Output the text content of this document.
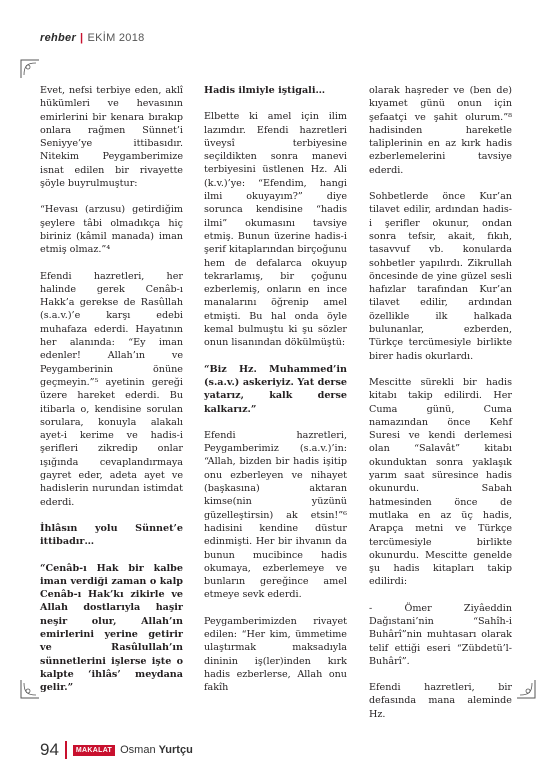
rehber | EKİM 2018

Evet, nefsi terbiye eden, aklî hükümleri ve hevasının emirlerini bir kenara bırakıp onlara rağmen Sünnet’i Seniyye’ye ittibasıdır. Nitekim Peygamberimize isnat edilen bir rivayette şöyle buyrulmuştur:

“Hevası (arzusu) getirdiğim şeylere tâbi olmadıkça hiç biriniz (kâmil manada) iman etmiş olmaz.”⁴

Efendi hazretleri, her halinde gerek Cenâb-ı Hakk’a gerekse de Rasûllah (s.a.v.)’e karşı edebi muhafaza ederdi. Hayatının her alanında: “Ey iman edenler! Allah’ın ve Peygamberinin önüne geçmeyin.”⁵ ayetinin gereği üzere hareket ederdi. Bu itibarla o, kendisine sorulan sorulara, konuyla alakalı ayet-i kerime ve hadis-i şerifleri zikredip onlar ışığında cevaplandırmaya gayret eder, adeta ayet ve hadislerin nurundan istimdat ederdi.

İhlâsın yolu Sünnet’e ittibadır…

“Cenâb-ı Hak bir kalbe iman verdiği zaman o kalp Cenâb-ı Hak’kı zikirle ve Allah dostlarıyla haşir neşir olur, Allah’ın emirlerini yerine getirir ve Rasûlullah’ın sünnetlerini işlerse işte o kalpte ‘ihlâs’ meydana gelir.”

Hadis ilmiyle iştigali…

Elbette ki amel için ilim lazımdır. Efendi hazretleri üveysî terbiyesine seçildikten sonra manevi terbiyesini üstlenen Hz. Ali (k.v.)’ye: “Efendim, hangi ilmi okuyayım?” diye sorunca kendisine “hadis ilmi” okumasını tavsiye etmiş. Bunun üzerine hadis-i şerif kitaplarından birçoğunu hem de defalarca okuyup tekrarlamış, bir çoğunu ezberlemiş, onların en ince manalarını öğrenip amel etmişti. Bu hal onda öyle kemal bulmuştu ki şu sözler onun lisanından dökülmüştü:

“Biz Hz. Muhammed’in (s.a.v.) askeriyiz. Yat derse yatarız, kalk derse kalkarız.”

Efendi hazretleri, Peygamberimiz (s.a.v.)’in: “Allah, bizden bir hadis işitip onu ezberleyen ve nihayet (başkasına) aktaran kimse(nin yüzünü güzelleştirsin) ak etsin!”⁶ hadisini kendine düstur edinmişti. Her bir ihvanın da bunun mucibince hadis okumaya, ezberlemeye ve bunların gereğince amel etmeye sevk ederdi.

Peygamberimizden rivayet edilen: “Her kim, ümmetime ulaştırmak maksadıyla dininin iş(ler)inden kırk hadis ezberlerse, Allah onu fakîh

olarak haşreder ve (ben de) kıyamet günü onun için şefaatçi ve şahit olurum.”⁸ hadisinden hareketle taliplerinin en az kırk hadis ezberlemelerini tavsiye ederdi.

Sohbetlerde önce Kur’an tilavet edilir, ardından hadis-i şerifler okunur, ondan sonra tefsir, akait, fıkıh, tasavvuf vb. konularda sohbetler yapılırdı. Zikrullah öncesinde de yine güzel sesli hafızlar tarafından Kur’an tilavet edilir, ardından özellikle ilk halkada bulunanlar, ezberden, Türkçe tercümesiyle birlikte birer hadis okurlardı.

Mescitte sürekli bir hadis kitabı takip edilirdi. Her Cuma günü, Cuma namazından önce Kehf Suresi ve kendi derlemesi olan “Salavât” kitabı okunduktan sonra yaklaşık yarım saat süresince hadis okunurdu. Sabah hatmesinden önce de mutlaka en az üç hadis, Arapça metni ve Türkçe tercümesiyle birlikte okunurdu. Mescitte genelde şu hadis kitapları takip edilirdi:

- Ömer Ziyâeddin Dağıstani’nin “Sahîh-i Buhârî”nin muhtasarı olarak telif ettiği eseri “Zübdetü’l-Buhârî”.

Efendi hazretleri, bir defasında mana aleminde Hz.

94	MAKALAT Osman Yurtçu
